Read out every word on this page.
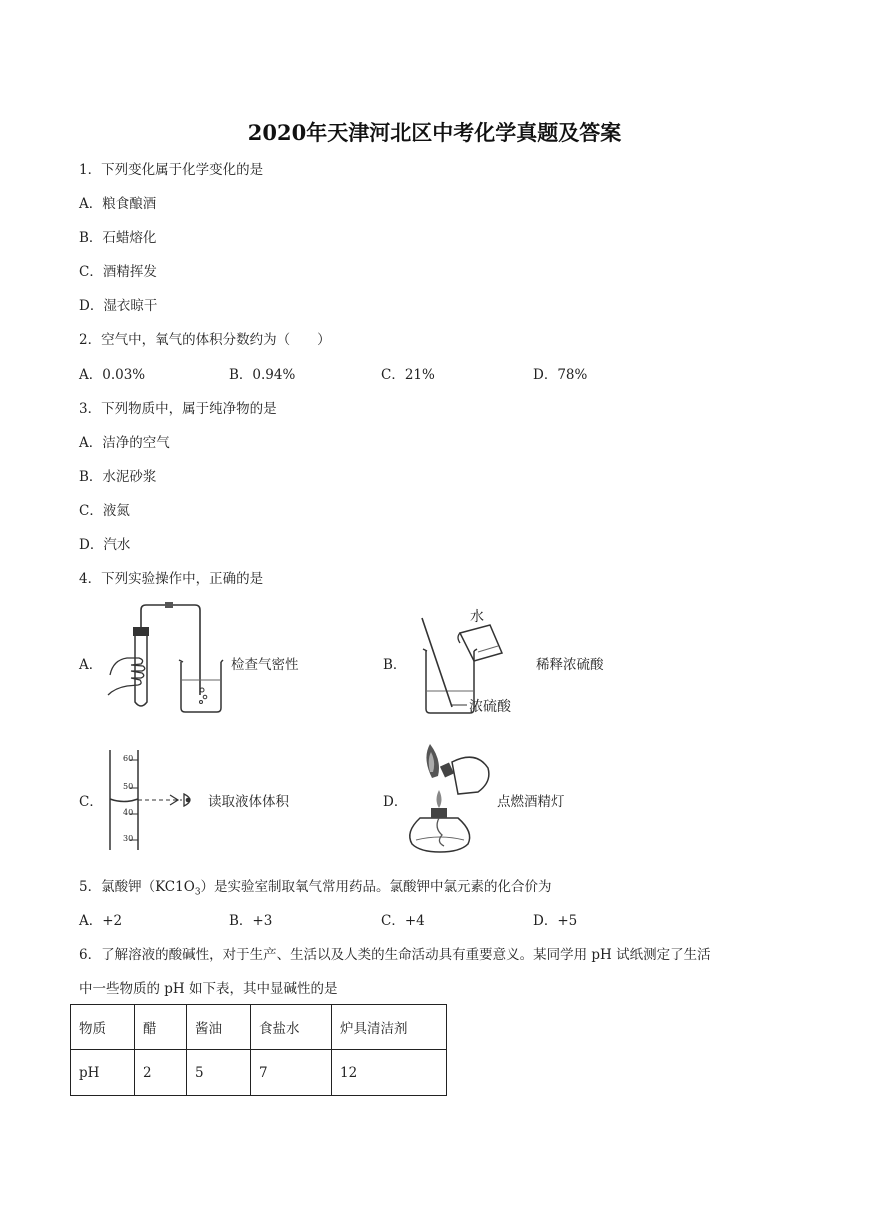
2020年天津河北区中考化学真题及答案
1．下列变化属于化学变化的是
A．粮食酿酒
B．石蜡熔化
C．酒精挥发
D．湿衣晾干
2．空气中，氧气的体积分数约为（　　）
A．0.03%	B．0.94%	C．21%	D．78%
3．下列物质中，属于纯净物的是
A．洁净的空气
B．水泥砂浆
C．液氮
D．汽水
4．下列实验操作中，正确的是
A．	检查气密性	B．
水
浓硫酸
稀释浓硫酸
C．
60
50
40
30
读取液体体积	D．	点燃酒精灯
5．氯酸钾$(KC1O_3)$是实验室制取氧气常用药品。氯酸钾中氯元素的化合价为
A．+2	B．+3	C．+4	D．+5
6．了解溶液的酸碱性，对于生产、生活以及人类的生命活动具有重要意义。某同学用 pH 试纸测定了生活
中一些物质的 pH 如下表，其中显碱性的是
物质	醋	酱油	食盐水	炉具清洁剂
pH	2	5	7	12
